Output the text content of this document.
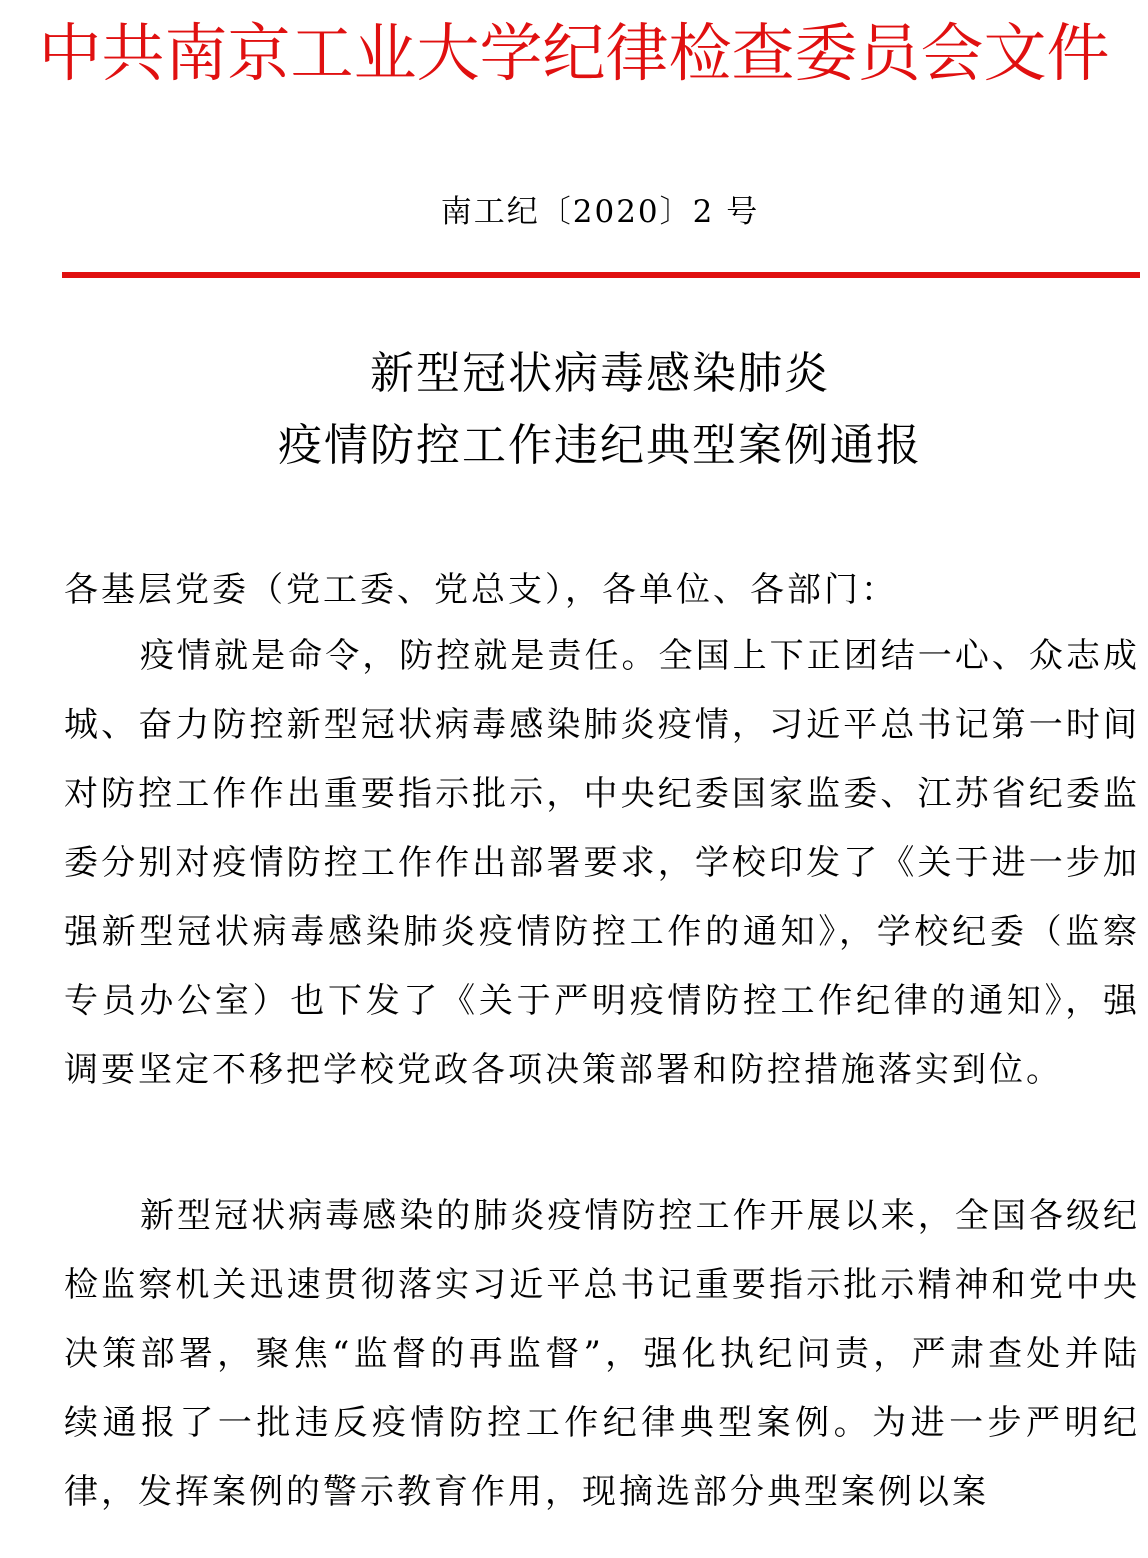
中共南京工业大学纪律检查委员会文件
南工纪〔2020〕2 号
新型冠状病毒感染肺炎
疫情防控工作违纪典型案例通报
各基层党委（党工委、党总支），各单位、各部门：

疫情就是命令，防控就是责任。全国上下正团结一心、众志成城、奋力防控新型冠状病毒感染肺炎疫情，习近平总书记第一时间对防控工作作出重要指示批示，中央纪委国家监委、江苏省纪委监委分别对疫情防控工作作出部署要求，学校印发了《关于进一步加强新型冠状病毒感染肺炎疫情防控工作的通知》，学校纪委（监察专员办公室）也下发了《关于严明疫情防控工作纪律的通知》，强调要坚定不移把学校党政各项决策部署和防控措施落实到位。

新型冠状病毒感染的肺炎疫情防控工作开展以来，全国各级纪检监察机关迅速贯彻落实习近平总书记重要指示批示精神和党中央决策部署，聚焦“监督的再监督”，强化执纪问责，严肃查处并陆续通报了一批违反疫情防控工作纪律典型案例。为进一步严明纪律，发挥案例的警示教育作用，现摘选部分典型案例以案
